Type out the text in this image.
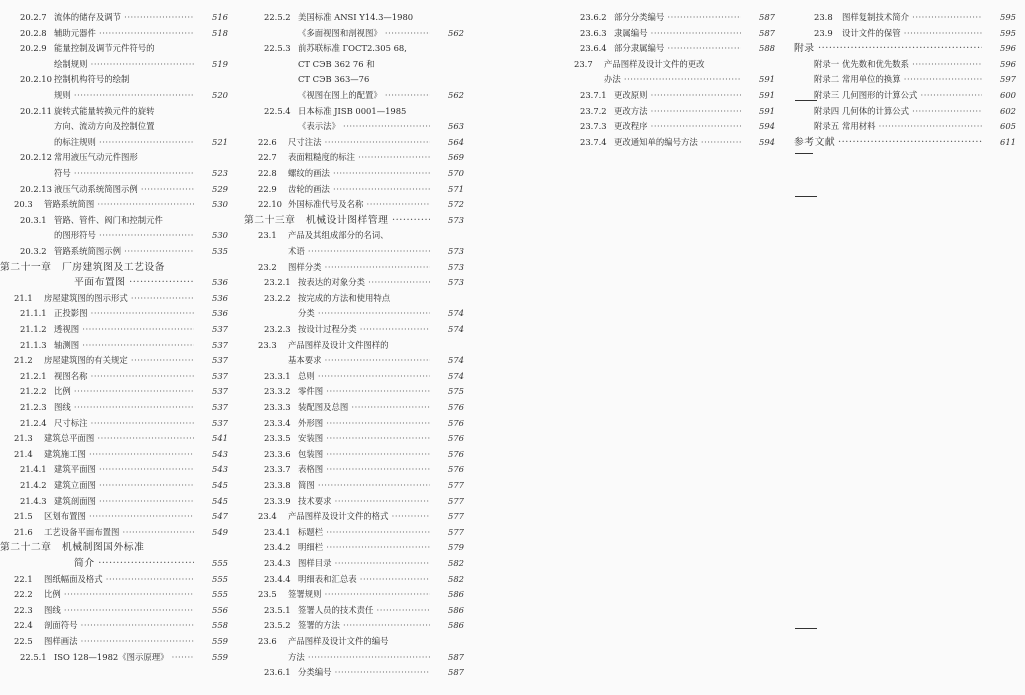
20.2.7 流体的储存及调节 ·····	516
20.2.8 辅助元器件 ·····	518
20.2.9 能量控制及调节元件符号的
绘制规则 ·····	519
20.2.10 控制机构符号的绘制
规则 ·····	520
20.2.11 旋转式能量转换元件的旋转
方向、流动方向及控制位置
的标注规则 ·····	521
20.2.12 常用液压气动元件图形
符号 ·····	523
20.2.13 液压气动系统简图示例 ·····	529
20.3 管路系统简图 ·····	530
20.3.1 管路、管件、阀门和控制元件
的图形符号 ·····	530
20.3.2 管路系统简图示例 ·····	535
第二十一章 厂房建筑图及工艺设备
平面布置图 ·····	536
21.1 房屋建筑图的图示形式 ·····	536
21.1.1 正投影图 ·····	536
21.1.2 透视图 ·····	537
21.1.3 轴测图 ·····	537
21.2 房屋建筑图的有关规定 ·····	537
21.2.1 视图名称 ·····	537
21.2.2 比例 ·····	537
21.2.3 图线 ·····	537
21.2.4 尺寸标注 ·····	537
21.3 建筑总平面图 ·····	541
21.4 建筑施工图 ·····	543
21.4.1 建筑平面图 ·····	543
21.4.2 建筑立面图 ·····	545
21.4.3 建筑剖面图 ·····	545
21.5 区划布置图 ·····	547
21.6 工艺设备平面布置图 ·····	549
第二十二章 机械制图国外标准
简介 ·····	555
22.1 图纸幅面及格式 ·····	555
22.2 比例 ·····	555
22.3 图线 ·····	556
22.4 剖面符号 ·····	558
22.5 图样画法 ·····	559
22.5.1 ISO 128—1982《图示原理》 ·····	559
22.5.2 美国标准 ANSI Y14.3—1980
《多面视图和剖视图》 ·····	562
22.5.3 前苏联标准 ГОСТ2.305 68,
СТ СЭВ 362 76 和
СТ СЭВ 363—76
《视图在图上的配置》 ·····	562
22.5.4 日本标准 JISB 0001—1985
《表示法》 ·····	563
22.6 尺寸注法 ·····	564
22.7 表面粗糙度的标注 ·····	569
22.8 螺纹的画法 ·····	570
22.9 齿轮的画法 ·····	571
22.10 外国标准代号及名称 ·····	572
第二十三章 机械设计图样管理 ·····	573
23.1 产品及其组成部分的名词、
术语 ·····	573
23.2 图样分类 ·····	573
23.2.1 按表达的对象分类 ·····	573
23.2.2 按完成的方法和使用特点
分类 ·····	574
23.2.3 按设计过程分类 ·····	574
23.3 产品图样及设计文件图样的
基本要求 ·····	574
23.3.1 总则 ·····	574
23.3.2 零件图 ·····	575
23.3.3 装配图及总图 ·····	576
23.3.4 外形图 ·····	576
23.3.5 安装图 ·····	576
23.3.6 包装图 ·····	576
23.3.7 表格图 ·····	576
23.3.8 简图 ·····	577
23.3.9 技术要求 ·····	577
23.4 产品图样及设计文件的格式 ·····	577
23.4.1 标题栏 ·····	577
23.4.2 明细栏 ·····	579
23.4.3 图样目录 ·····	582
23.4.4 明细表和汇总表 ·····	582
23.5 签署规则 ·····	586
23.5.1 签署人员的技术责任 ·····	586
23.5.2 签署的方法 ·····	586
23.6 产品图样及设计文件的编号
方法 ·····	587
23.6.1 分类编号 ·····	587
23.6.2 部分分类编号 ·····	587
23.6.3 隶属编号 ·····	587
23.6.4 部分隶属编号 ·····	588
23.7 产品图样及设计文件的更改
办法 ·····	591
23.7.1 更改原则 ·····	591
23.7.2 更改方法 ·····	591
23.7.3 更改程序 ·····	594
23.7.4 更改通知单的编号方法 ·····	594
23.8 图样复制技术简介 ·····	595
23.9 设计文件的保管 ·····	595
附录 ·····	596
附录一 优先数和优先数系 ·····	596
附录二 常用单位的换算 ·····	597
附录三 几何图形的计算公式 ·····	600
附录四 几何体的计算公式 ·····	602
附录五 常用材料 ·····	605
参考文献 ·····	611
